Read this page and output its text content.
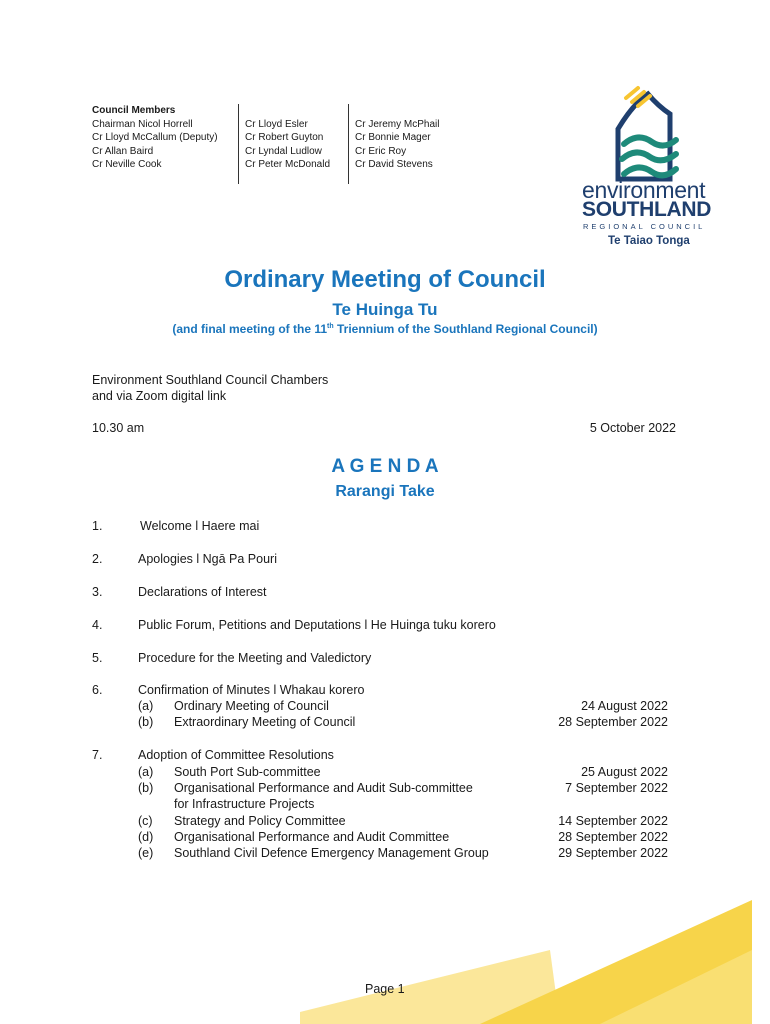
Council Members
Chairman Nicol Horrell
Cr Lloyd McCallum (Deputy)
Cr Allan Baird
Cr Neville Cook
Cr Lloyd Esler
Cr Robert Guyton
Cr Lyndal Ludlow
Cr Peter McDonald
Cr Jeremy McPhail
Cr Bonnie Mager
Cr Eric Roy
Cr David Stevens
environment
SOUTHLAND
REGIONAL COUNCIL
Te Taiao Tonga
Ordinary Meeting of Council
Te Huinga Tu
(and final meeting of the 11th Triennium of the Southland Regional Council)
Environment Southland Council Chambers
and via Zoom digital link
10.30 am	5 October 2022
A G E N D A
Rarangi Take
1.	Welcome l Haere mai
2.	Apologies l Ngā Pa Pouri
3.	Declarations of Interest
4.	Public Forum, Petitions and Deputations l He Huinga tuku korero
5.	Procedure for the Meeting and Valedictory
6.	Confirmation of Minutes l Whakau korero
(a) Ordinary Meeting of Council	24 August 2022
(b) Extraordinary Meeting of Council	28 September 2022
7.	Adoption of Committee Resolutions
(a) South Port Sub-committee	25 August 2022
(b) Organisational Performance and Audit Sub-committee	7 September 2022
for Infrastructure Projects
(c) Strategy and Policy Committee	14 September 2022
(d) Organisational Performance and Audit Committee	28 September 2022
(e) Southland Civil Defence Emergency Management Group	29 September 2022
Page 1
